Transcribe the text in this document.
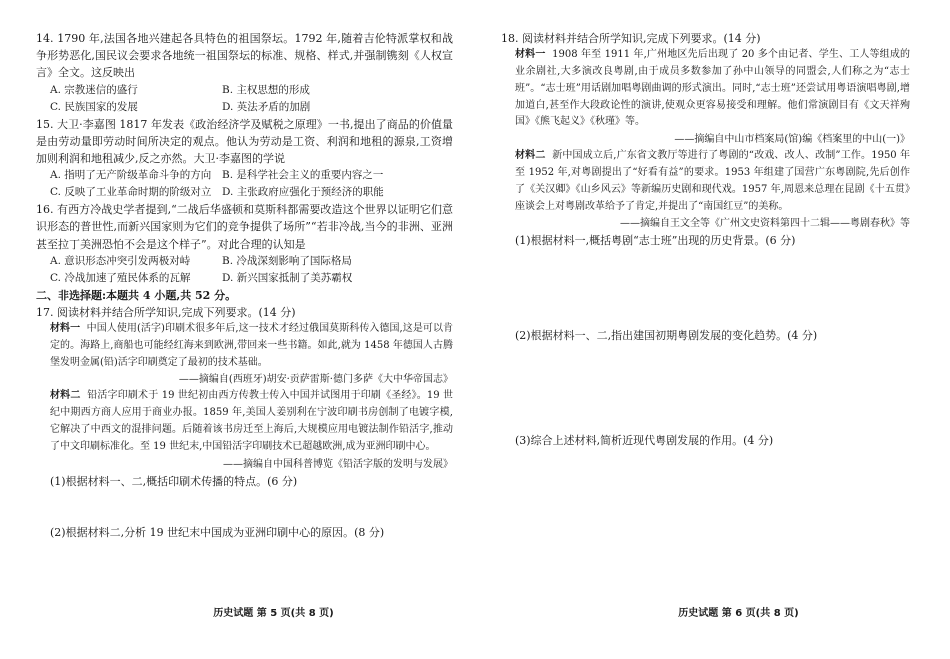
14. 1790 年,法国各地兴建起各具特色的祖国祭坛。1792 年,随着吉伦特派掌权和战争形势恶化,国民议会要求各地统一祖国祭坛的标准、规格、样式,并强制镌刻《人权宣言》全文。这反映出

A. 宗教迷信的盛行	B. 主权思想的形成
C. 民族国家的发展	D. 英法矛盾的加剧

15. 大卫·李嘉图 1817 年发表《政治经济学及赋税之原理》一书,提出了商品的价值量是由劳动量即劳动时间所决定的观点。他认为劳动是工资、利润和地租的源泉,工资增加则利润和地租减少,反之亦然。大卫·李嘉图的学说

A. 指明了无产阶级革命斗争的方向	B. 是科学社会主义的重要内容之一
C. 反映了工业革命时期的阶级对立	D. 主张政府应强化于预经济的职能

16. 有西方冷战史学者提到,“二战后华盛顿和莫斯科都需要改造这个世界以证明它们意识形态的普世性,而新兴国家则为它们的竞争提供了场所”“若非冷战,当今的非洲、亚洲甚至拉丁美洲恐怕不会是这个样子”。对此合理的认知是

A. 意识形态冲突引发两极对峙	B. 冷战深刻影响了国际格局
C. 冷战加速了殖民体系的瓦解	D. 新兴国家抵制了美苏霸权

二、非选择题:本题共 4 小题,共 52 分。

17. 阅读材料并结合所学知识,完成下列要求。(14 分)

材料一 中国人使用(活字)印刷术很多年后,这一技术才经过俄国莫斯科传入德国,这是可以肯定的。海路上,商船也可能经红海来到欧洲,带回来一些书籍。如此,就为 1458 年德国人古腾堡发明金属(铅)活字印刷奠定了最初的技术基础。

——摘编自(西班牙)胡安·贡萨雷斯·德门多萨《大中华帝国志》

材料二 铅活字印刷术于 19 世纪初由西方传教士传入中国并试图用于印刷《圣经》。19 世纪中期西方商人应用于商业办报。1859 年,美国人姜别利在宁波印刷书房创制了电镀字模,它解决了中西文的混排问题。后随着该书房迁至上海后,大规模应用电镀法制作铅活字,推动了中文印刷标准化。至 19 世纪末,中国铅活字印刷技术已超越欧洲,成为亚洲印刷中心。

——摘编自中国科普博览《铅活字版的发明与发展》

(1)根据材料一、二,概括印刷术传播的特点。(6 分)

(2)根据材料二,分析 19 世纪末中国成为亚洲印刷中心的原因。(8 分)

历史试题 第 5 页(共 8 页)

18. 阅读材料并结合所学知识,完成下列要求。(14 分)

材料一 1908 年至 1911 年,广州地区先后出现了 20 多个由记者、学生、工人等组成的业余剧社,大多演改良粤剧,由于成员多数参加了孙中山领导的同盟会,人们称之为“志士班”。“志士班”用话剧加唱粤剧曲调的形式演出。同时,“志士班”还尝试用粤语演唱粤剧,增加道白,甚至作大段政论性的演讲,使观众更容易接受和理解。他们常演剧目有《文天祥殉国》《熊飞起义》《秋瑾》等。

——摘编自中山市档案局(馆)编《档案里的中山(一)》

材料二 新中国成立后,广东省文教厅等进行了粤剧的“改戏、改人、改制”工作。1950 年至 1952 年,对粤剧提出了“好看有益”的要求。1953 年组建了国营广东粤剧院,先后创作了《关汉卿》《山乡风云》等新编历史剧和现代戏。1957 年,周恩来总理在昆剧《十五贯》座谈会上对粤剧改革给予了肯定,并提出了“南国红豆”的美称。

——摘编自王文全等《广州文史资料第四十二辑——粤剧春秋》等

(1)根据材料一,概括粤剧“志士班”出现的历史背景。(6 分)

(2)根据材料一、二,指出建国初期粤剧发展的变化趋势。(4 分)

(3)综合上述材料,简析近现代粤剧发展的作用。(4 分)

历史试题 第 6 页(共 8 页)
